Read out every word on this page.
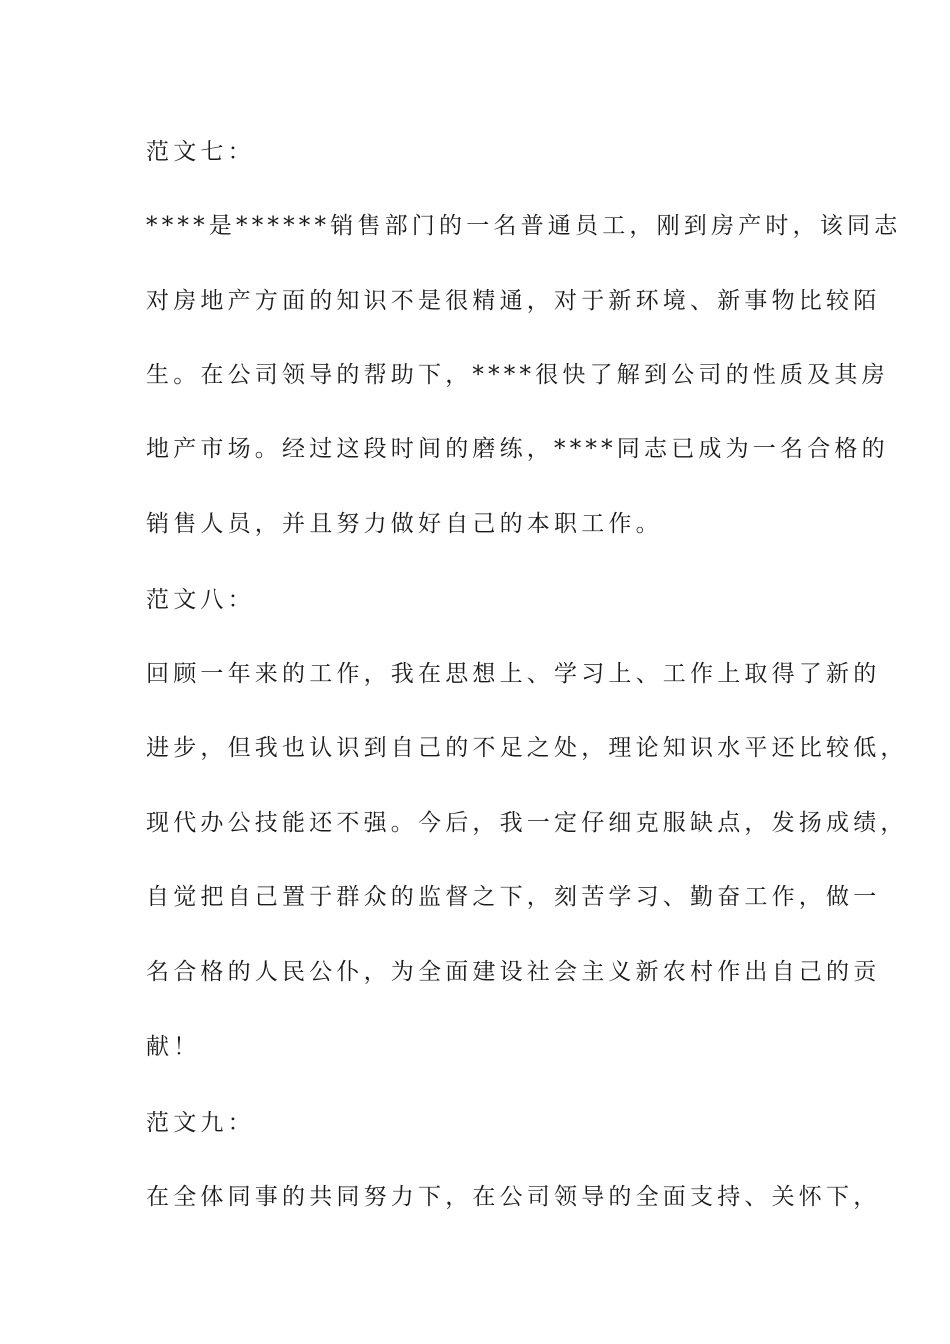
范文七：
****是******销售部门的一名普通员工，刚到房产时，该同志
对房地产方面的知识不是很精通，对于新环境、新事物比较陌
生。在公司领导的帮助下，****很快了解到公司的性质及其房
地产市场。经过这段时间的磨练，****同志已成为一名合格的
销售人员，并且努力做好自己的本职工作。
范文八：
回顾一年来的工作，我在思想上、学习上、工作上取得了新的
进步，但我也认识到自己的不足之处，理论知识水平还比较低，
现代办公技能还不强。今后，我一定仔细克服缺点，发扬成绩，
自觉把自己置于群众的监督之下，刻苦学习、勤奋工作，做一
名合格的人民公仆，为全面建设社会主义新农村作出自己的贡
献！
范文九：
在全体同事的共同努力下，在公司领导的全面支持、关怀下，
